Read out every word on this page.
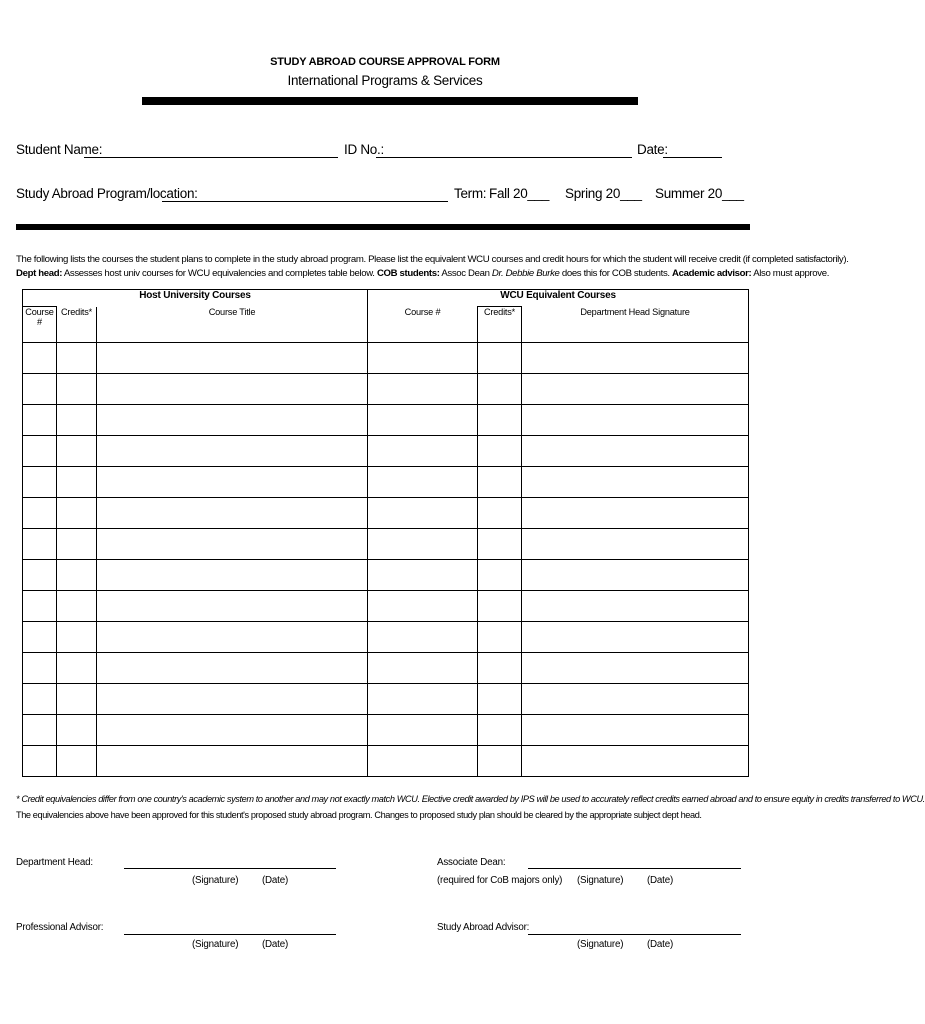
STUDY ABROAD COURSE APPROVAL FORM
International Programs & Services
Student Name:	ID No.:	Date:
Study Abroad Program/location:	Term: Fall 20___ Spring 20___ Summer 20___
The following lists the courses the student plans to complete in the study abroad program. Please list the equivalent WCU courses and credit hours for which the student will receive credit (if completed satisfactorily).
Dept head: Assesses host univ courses for WCU equivalencies and completes table below. COB students: Assoc Dean Dr. Debbie Burke does this for COB students. Academic advisor: Also must approve.
Host University Courses			WCU Equivalent Courses		
Course #	Credits*	Course Title	Course #	Credits*	Department Head Signature

* Credit equivalencies differ from one country's academic system to another and may not exactly match WCU. Elective credit awarded by IPS will be used to accurately reflect credits earned abroad and to ensure equity in credits transferred to WCU.
The equivalencies above have been approved for this student's proposed study abroad program. Changes to proposed study plan should be cleared by the appropriate subject dept head.
Department Head:
(Signature) (Date)
Associate Dean:
(required for CoB majors only) (Signature) (Date)
Professional Advisor:
(Signature) (Date)
Study Abroad Advisor:
(Signature) (Date)
